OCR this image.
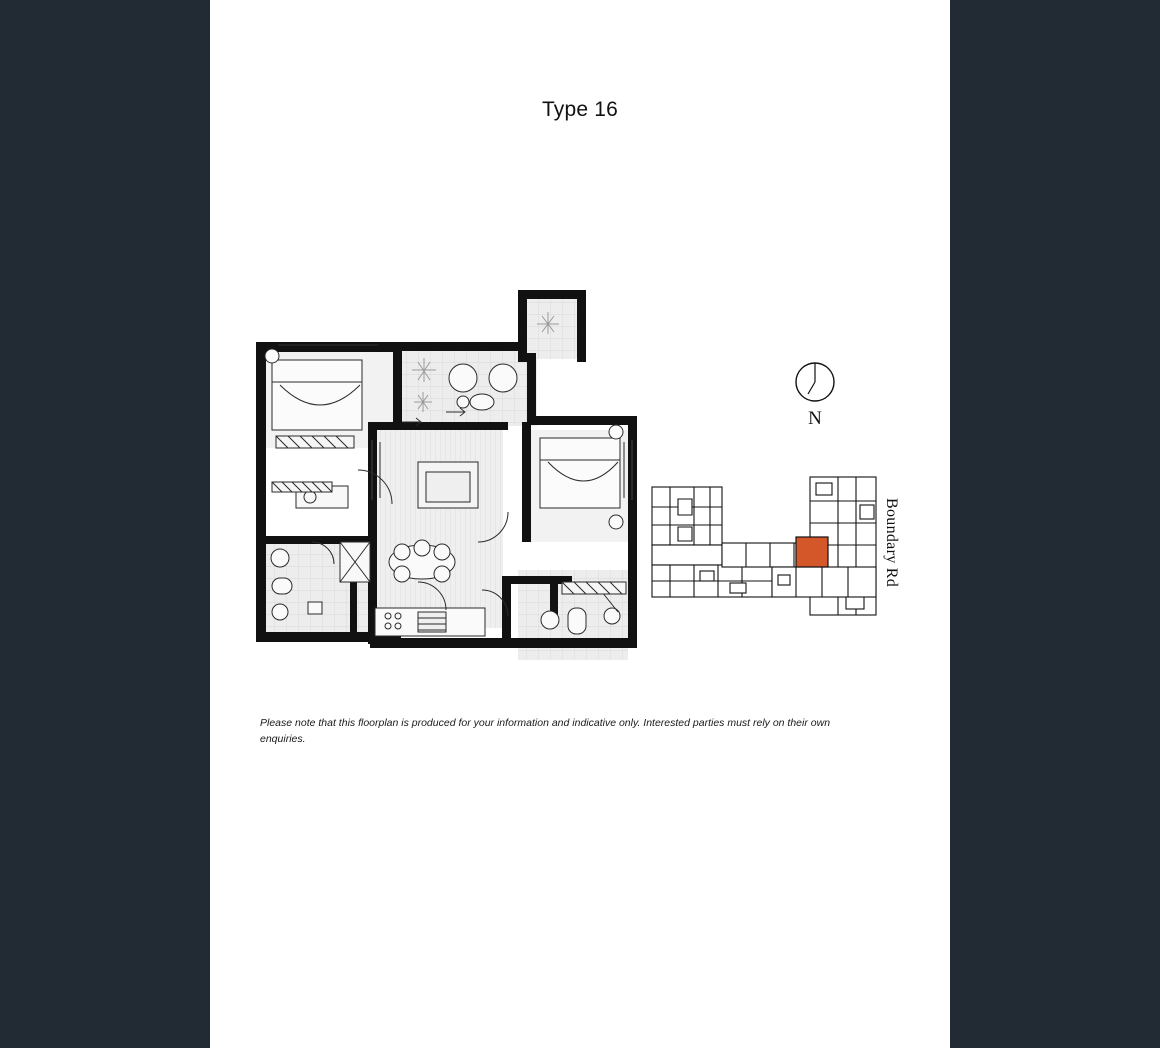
Type 16
N
Boundary Rd
Please note that this floorplan is produced for your information and indicative only. Interested parties must rely on their own enquiries.
